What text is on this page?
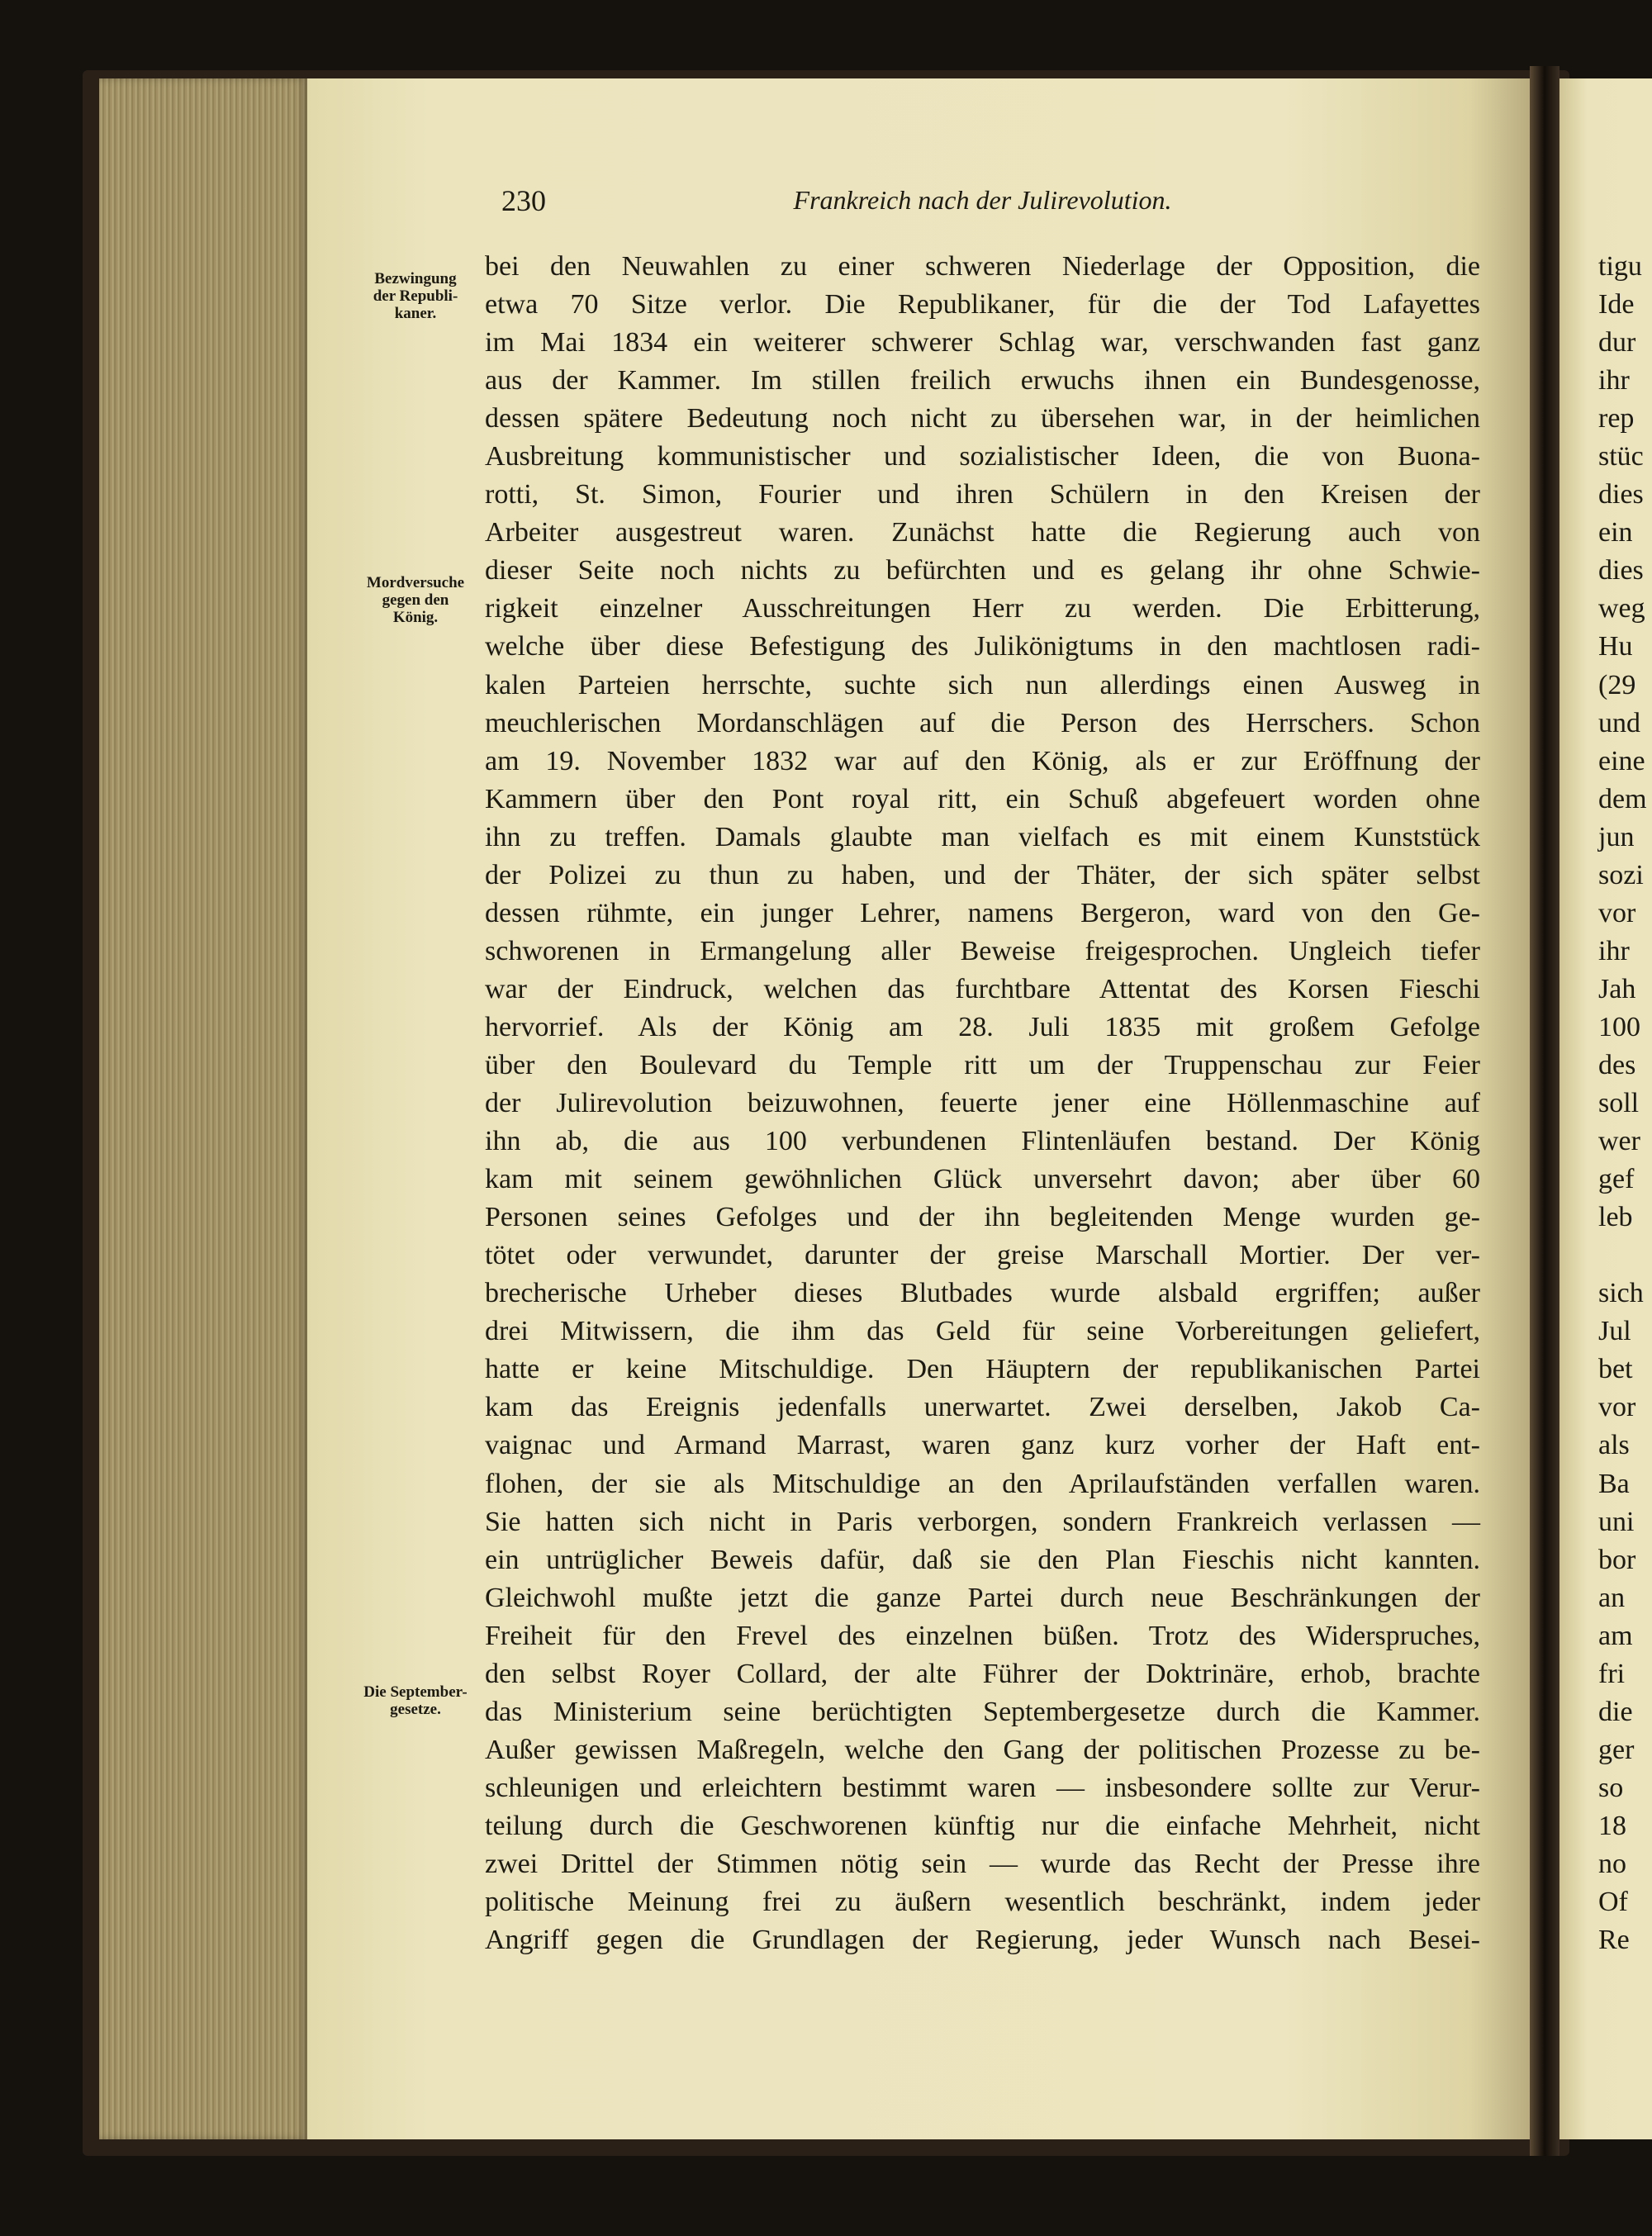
tigu
Ide
dur
ihr
rep
stüc
dies
ein
dies
weg
Hu
(29
und
eine
dem
jun
sozi
vor
ihr
Jah
100
des
soll
wer
gef
leb
sich
Jul
bet
vor
als
Ba
uni
bor
an
am
fri
die
ger
so
18
no
Of
Re
230	Frankreich nach der Julirevolution.
bei den Neuwahlen zu einer schweren Niederlage der Opposition, die
etwa 70 Sitze verlor. Die Republikaner, für die der Tod Lafayettes
im Mai 1834 ein weiterer schwerer Schlag war, verschwanden fast ganz
aus der Kammer. Im stillen freilich erwuchs ihnen ein Bundesgenosse,
dessen spätere Bedeutung noch nicht zu übersehen war, in der heimlichen
Ausbreitung kommunistischer und sozialistischer Ideen, die von Buona-
rotti, St. Simon, Fourier und ihren Schülern in den Kreisen der
Arbeiter ausgestreut waren. Zunächst hatte die Regierung auch von
dieser Seite noch nichts zu befürchten und es gelang ihr ohne Schwie-
rigkeit einzelner Ausschreitungen Herr zu werden. Die Erbitterung,
welche über diese Befestigung des Julikönigtums in den machtlosen radi-
kalen Parteien herrschte, suchte sich nun allerdings einen Ausweg in
meuchlerischen Mordanschlägen auf die Person des Herrschers. Schon
am 19. November 1832 war auf den König, als er zur Eröffnung der
Kammern über den Pont royal ritt, ein Schuß abgefeuert worden ohne
ihn zu treffen. Damals glaubte man vielfach es mit einem Kunststück
der Polizei zu thun zu haben, und der Thäter, der sich später selbst
dessen rühmte, ein junger Lehrer, namens Bergeron, ward von den Ge-
schworenen in Ermangelung aller Beweise freigesprochen. Ungleich tiefer
war der Eindruck, welchen das furchtbare Attentat des Korsen Fieschi
hervorrief. Als der König am 28. Juli 1835 mit großem Gefolge
über den Boulevard du Temple ritt um der Truppenschau zur Feier
der Julirevolution beizuwohnen, feuerte jener eine Höllenmaschine auf
ihn ab, die aus 100 verbundenen Flintenläufen bestand. Der König
kam mit seinem gewöhnlichen Glück unversehrt davon; aber über 60
Personen seines Gefolges und der ihn begleitenden Menge wurden ge-
tötet oder verwundet, darunter der greise Marschall Mortier. Der ver-
brecherische Urheber dieses Blutbades wurde alsbald ergriffen; außer
drei Mitwissern, die ihm das Geld für seine Vorbereitungen geliefert,
hatte er keine Mitschuldige. Den Häuptern der republikanischen Partei
kam das Ereignis jedenfalls unerwartet. Zwei derselben, Jakob Ca-
vaignac und Armand Marrast, waren ganz kurz vorher der Haft ent-
flohen, der sie als Mitschuldige an den Aprilaufständen verfallen waren.
Sie hatten sich nicht in Paris verborgen, sondern Frankreich verlassen —
ein untrüglicher Beweis dafür, daß sie den Plan Fieschis nicht kannten.
Gleichwohl mußte jetzt die ganze Partei durch neue Beschränkungen der
Freiheit für den Frevel des einzelnen büßen. Trotz des Widerspruches,
den selbst Royer Collard, der alte Führer der Doktrinäre, erhob, brachte
das Ministerium seine berüchtigten Septembergesetze durch die Kammer.
Außer gewissen Maßregeln, welche den Gang der politischen Prozesse zu be-
schleunigen und erleichtern bestimmt waren — insbesondere sollte zur Verur-
teilung durch die Geschworenen künftig nur die einfache Mehrheit, nicht
zwei Drittel der Stimmen nötig sein — wurde das Recht der Presse ihre
politische Meinung frei zu äußern wesentlich beschränkt, indem jeder
Angriff gegen die Grundlagen der Regierung, jeder Wunsch nach Besei-
Bezwingung
der Republi-
kaner.
Mordversuche
gegen den
König.
Die September-
gesetze.
